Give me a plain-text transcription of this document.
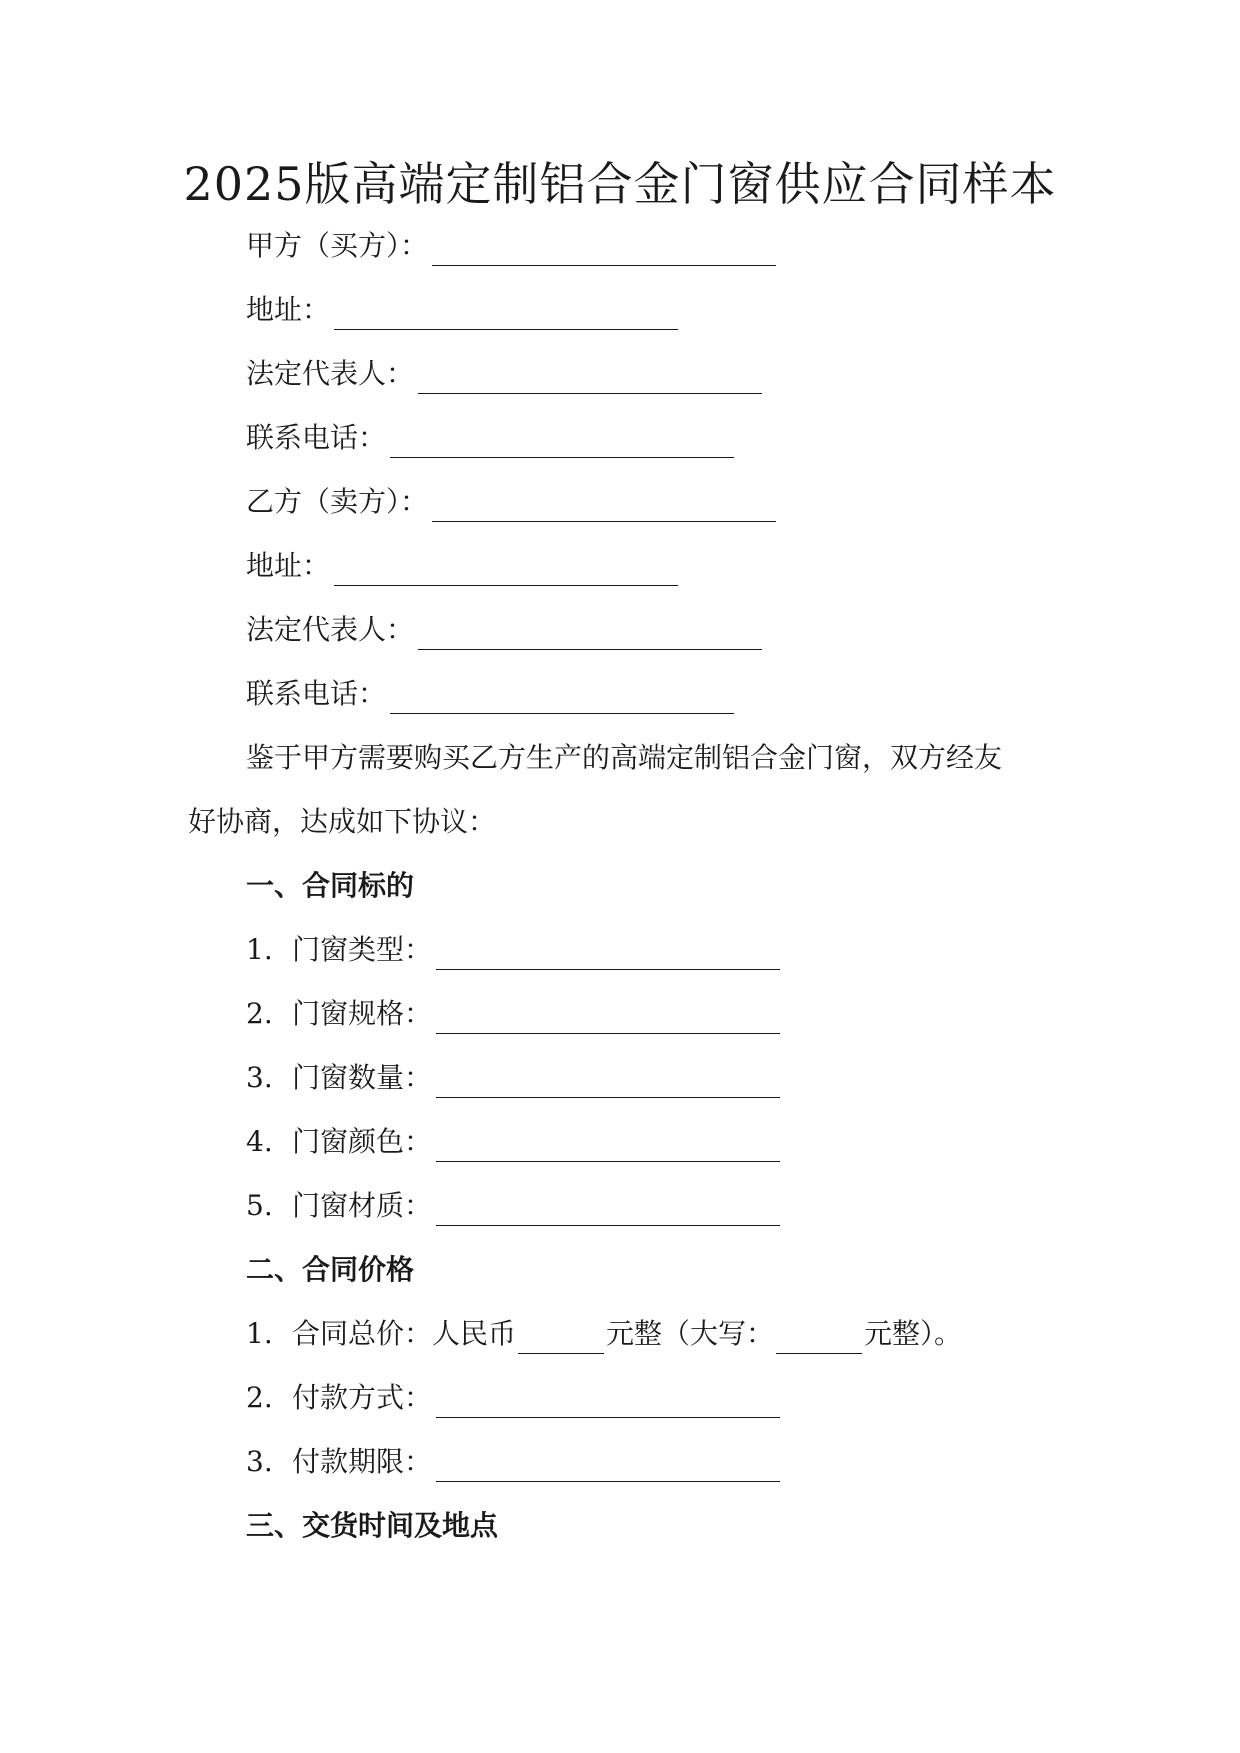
2025版高端定制铝合金门窗供应合同样本
甲方（买方）：
地址：
法定代表人：
联系电话：
乙方（卖方）：
地址：
法定代表人：
联系电话：
鉴于甲方需要购买乙方生产的高端定制铝合金门窗，双方经友
好协商，达成如下协议：
一、合同标的
1. 门窗类型：
2. 门窗规格：
3. 门窗数量：
4. 门窗颜色：
5. 门窗材质：
二、合同价格
1. 合同总价：人民币	元整（大写：	元整）。
2. 付款方式：
3. 付款期限：
三、交货时间及地点
